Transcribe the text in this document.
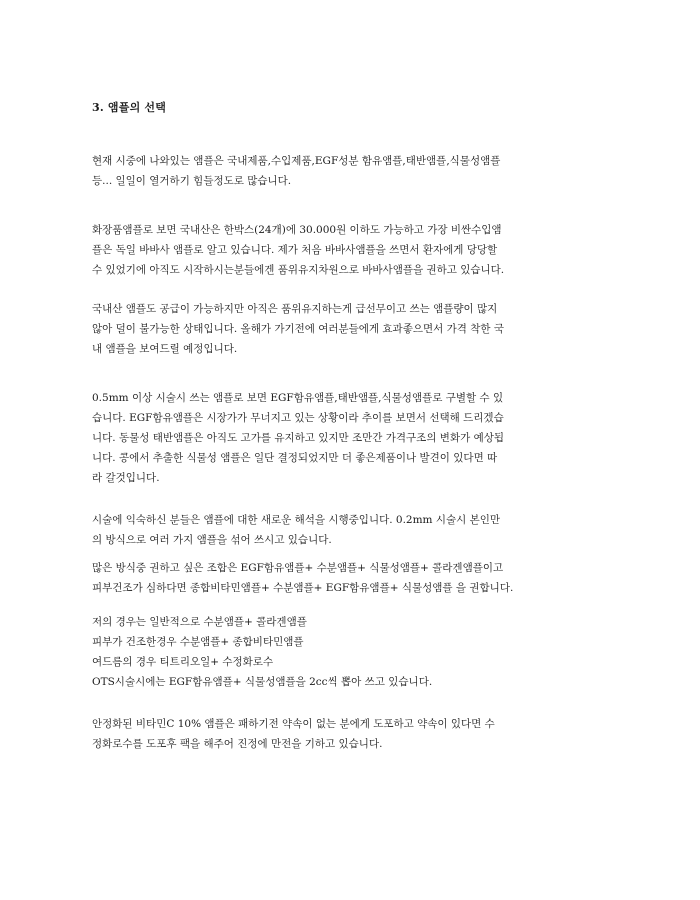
3. 앰플의 선택
현재 시중에 나와있는 앰플은 국내제품,수입제품,EGF성분 함유앰플,태반앰플,식물성앰플
등... 일일이 열거하기 힘들정도로 많습니다.
화장품앰플로 보면 국내산은 한박스(24개)에 30.000원 이하도 가능하고 가장 비싼수입앰
플은 독일 바바사 앰플로 알고 있습니다. 제가 처음 바바사앰플을 쓰면서 환자에게 당당할
수 있었기에 아직도 시작하시는분들에겐 품위유지차원으로 바바사앰플을 권하고 있습니다.
국내산 앰플도 공급이 가능하지만 아직은 품위유지하는게 급선무이고 쓰는 앰플량이 많지
않아 덜이 불가능한 상태입니다. 올해가 가기전에 여러분들에게 효과좋으면서 가격 착한 국
내 앰플을 보여드릴 예정입니다.
0.5mm 이상 시술시 쓰는 앰플로 보면 EGF함유앰플,태반앰플,식물성앰플로 구별할 수 있
습니다. EGF함유앰플은 시장가가 무너지고 있는 상황이라 추이를 보면서 선택해 드리겠습
니다. 동물성 태반앰플은 아직도 고가를 유지하고 있지만 조만간 가격구조의 변화가 예상됩
니다. 콩에서 추출한 식물성 앰플은 일단 결정되었지만 더 좋은제품이나 발견이 있다면 따
라 갈것입니다.
시술에 익숙하신 분들은 앰플에 대한 새로운 해석을 시행중입니다. 0.2mm 시술시 본인만
의 방식으로 여러 가지 앰플을 섞어 쓰시고 있습니다.
많은 방식중 권하고 싶은 조합은 EGF함유앰플+ 수분앰플+ 식물성앰플+ 콜라겐앰플이고
피부건조가 심하다면 종합비타민앰플+ 수분앰플+ EGF함유앰플+ 식물성앰플 을 권합니다.
저의 경우는 일반적으로 수분앰플+ 콜라겐앰플
피부가 건조한경우 수분앰플+ 종합비타민앰플
여드름의 경우 티트리오일+ 수정화로수
OTS시술시에는 EGF함유앰플+ 식물성앰플을 2cc씩 뽑아 쓰고 있습니다.
안정화된 비타민C 10% 앰플은 패하기전 약속이 없는 분에게 도포하고 약속이 있다면 수
정화로수를 도포후 팩을 해주어 진정에 만전을 기하고 있습니다.
